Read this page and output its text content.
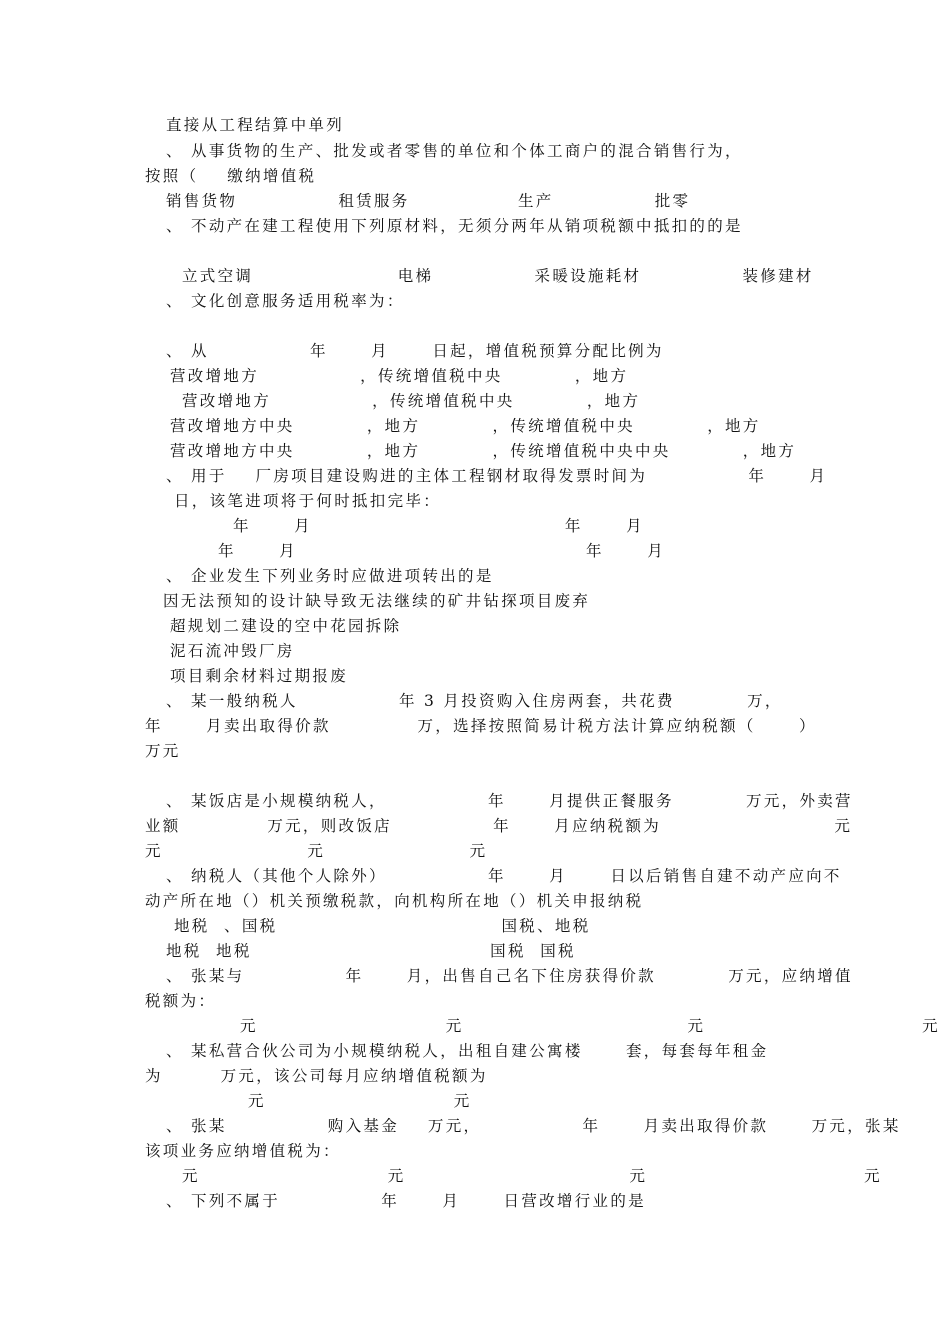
直接从工程结算中单列
、 从事货物的生产、批发或者零售的单位和个体工商户的混合销售行为，
按照（    缴纳增值税
销售货物              租赁服务               生产              批零
、 不动产在建工程使用下列原材料，无须分两年从销项税额中抵扣的的是
立式空调                    电梯              采暖设施耗材              装修建材
、 文化创意服务适用税率为：
、 从              年      月      日起，增值税预算分配比例为
营改增地方              ，传统增值税中央          ，地方
营改增地方              ，传统增值税中央          ，地方
营改增地方中央          ，地方          ，传统增值税中央          ，地方
营改增地方中央          ，地方          ，传统增值税中央中央          ，地方
、 用于    厂房项目建设购进的主体工程钢材取得发票时间为              年      月
日，该笔进项将于何时抵扣完毕：
年      月                                   年      月
年      月                                        年      月
、 企业发生下列业务时应做进项转出的是
因无法预知的设计缺导致无法继续的矿井钻探项目废弃
超规划二建设的空中花园拆除
泥石流冲毁厂房
项目剩余材料过期报废
、 某一般纳税人              年 3 月投资购入住房两套，共花费          万，
年      月卖出取得价款            万，选择按照简易计税方法计算应纳税额（      ）
万元
、 某饭店是小规模纳税人，              年      月提供正餐服务          万元，外卖营
业额            万元，则改饭店              年      月应纳税额为                        元
元                    元                    元
、 纳税人（其他个人除外）              年      月      日以后销售自建不动产应向不
动产所在地（）机关预缴税款，向机构所在地（）机关申报纳税
地税  、国税                               国税、地税
地税  地税                                 国税  国税
、 张某与              年      月，出售自己名下住房获得价款          万元，应纳增值
税额为：
元                          元                               元                              元
、 某私营合伙公司为小规模纳税人，出租自建公寓楼      套，每套每年租金
为        万元，该公司每月应纳增值税额为
元                          元
、 张某              购入基金    万元，              年      月卖出取得价款      万元，张某
该项业务应纳增值税为：
元                          元                               元                              元
、 下列不属于              年      月      日营改增行业的是
